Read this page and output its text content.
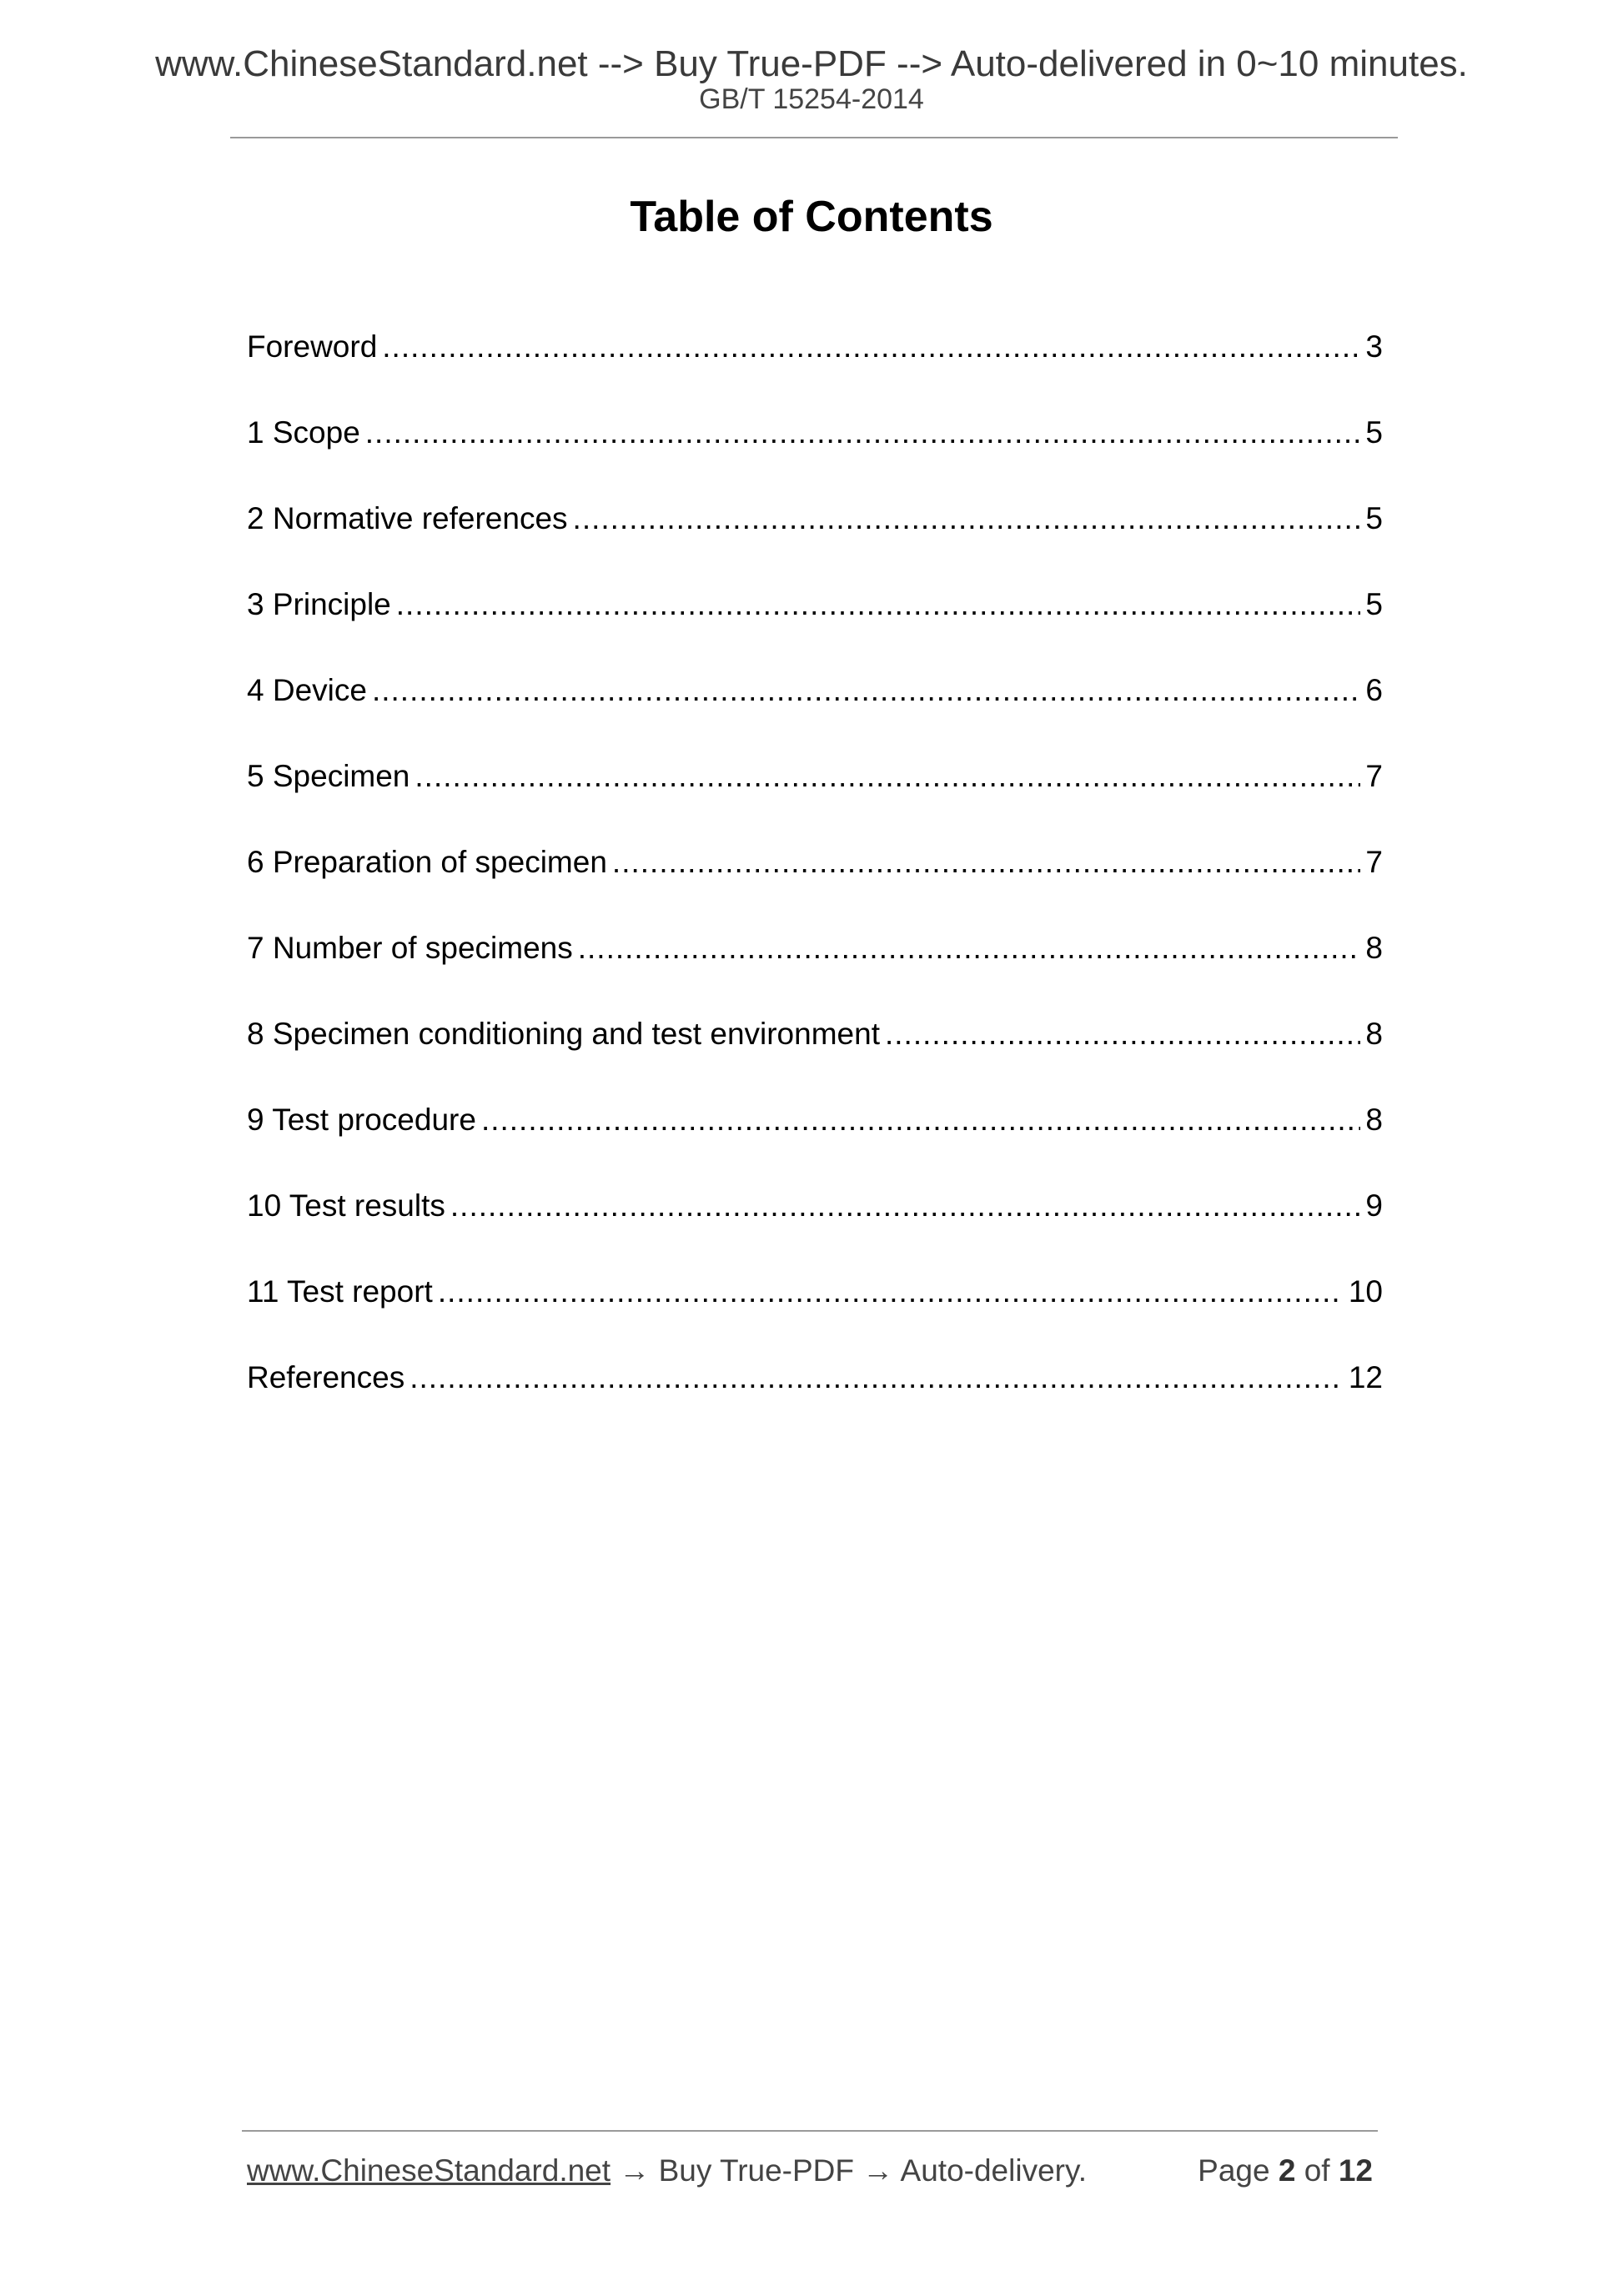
www.ChineseStandard.net --> Buy True-PDF --> Auto-delivered in 0~10 minutes.
GB/T 15254-2014
Table of Contents
Foreword .....	3
1 Scope .....	5
2 Normative references .....	5
3 Principle .....	5
4 Device .....	6
5 Specimen .....	7
6 Preparation of specimen .....	7
7 Number of specimens .....	8
8 Specimen conditioning and test environment .....	8
9 Test procedure .....	8
10 Test results .....	9
11 Test report .....	10
References .....	12
www.ChineseStandard.net → Buy True-PDF → Auto-delivery.	Page 2 of 12
